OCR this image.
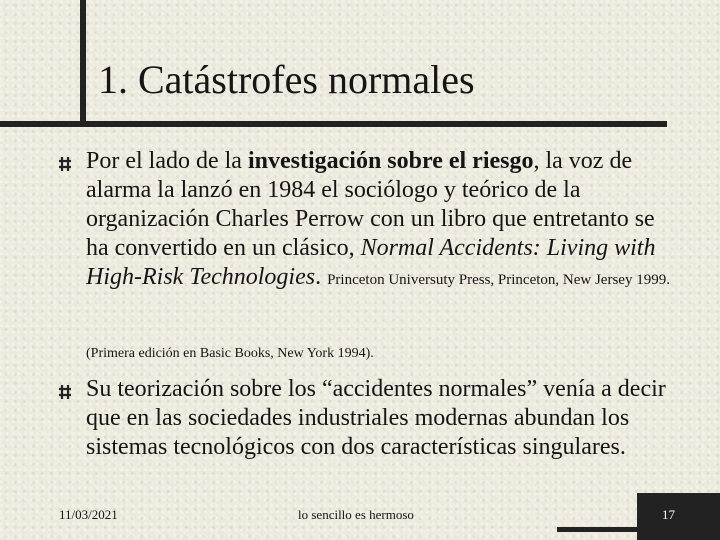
1. Catástrofes normales
Por el lado de la investigación sobre el riesgo, la voz de alarma la lanzó en 1984 el sociólogo y teórico de la organización Charles Perrow con un libro que entretanto se ha convertido en un clásico, Normal Accidents: Living with High-Risk Technologies. Princeton Universuty Press, Princeton, New Jersey 1999.
(Primera edición en Basic Books, New York 1994).
Su teorización sobre los “accidentes normales” venía a decir que en las sociedades industriales modernas abundan los sistemas tecnológicos con dos características singulares.
11/03/2021	lo sencillo es hermoso	17
